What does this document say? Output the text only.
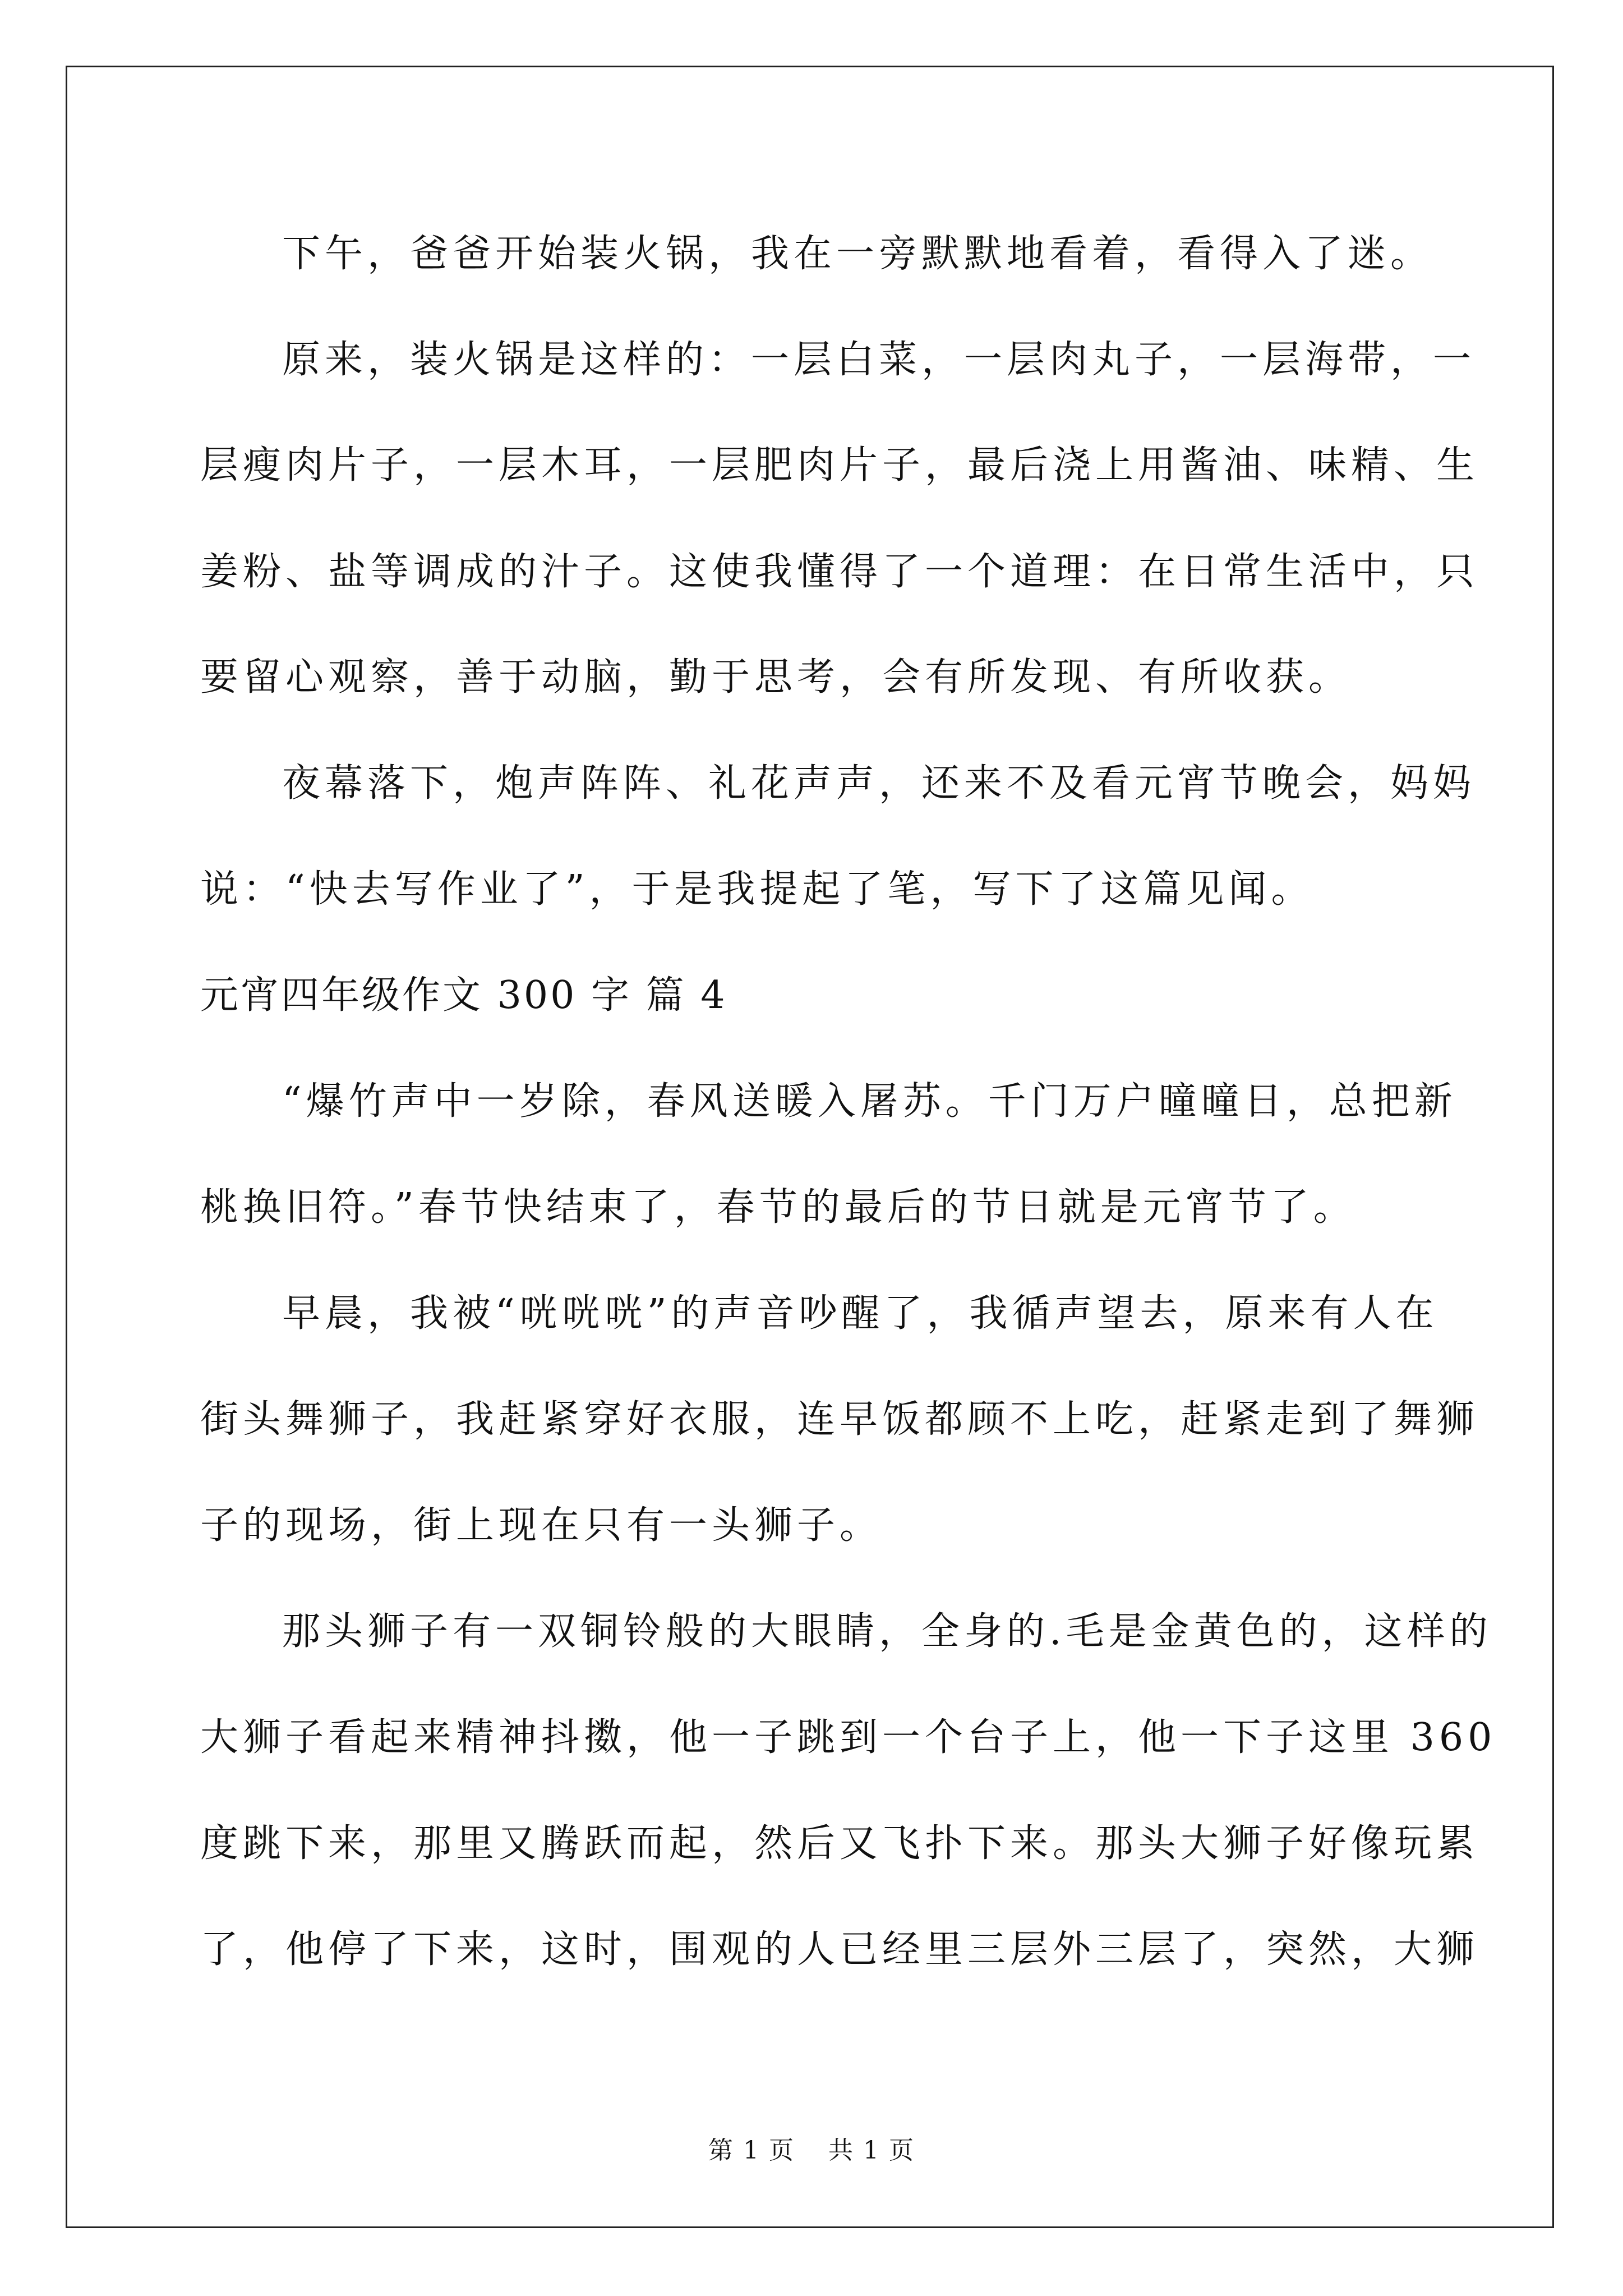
下午，爸爸开始装火锅，我在一旁默默地看着，看得入了迷。
原来，装火锅是这样的：一层白菜，一层肉丸子，一层海带，一
层瘦肉片子，一层木耳，一层肥肉片子，最后浇上用酱油、味精、生
姜粉、盐等调成的汁子。这使我懂得了一个道理：在日常生活中，只
要留心观察，善于动脑，勤于思考，会有所发现、有所收获。
夜幕落下，炮声阵阵、礼花声声，还来不及看元宵节晚会，妈妈
说：“快去写作业了”，于是我提起了笔，写下了这篇见闻。
元宵四年级作文 300 字 篇 4
“爆竹声中一岁除，春风送暖入屠苏。千门万户曈曈日，总把新
桃换旧符。”春节快结束了，春节的最后的节日就是元宵节了。
早晨，我被“咣咣咣”的声音吵醒了，我循声望去，原来有人在
街头舞狮子，我赶紧穿好衣服，连早饭都顾不上吃，赶紧走到了舞狮
子的现场，街上现在只有一头狮子。
那头狮子有一双铜铃般的大眼睛，全身的.毛是金黄色的，这样的
大狮子看起来精神抖擞，他一子跳到一个台子上，他一下子这里 360
度跳下来，那里又腾跃而起，然后又飞扑下来。那头大狮子好像玩累
了，他停了下来，这时，围观的人已经里三层外三层了，突然，大狮
第 1 页 共 1 页
